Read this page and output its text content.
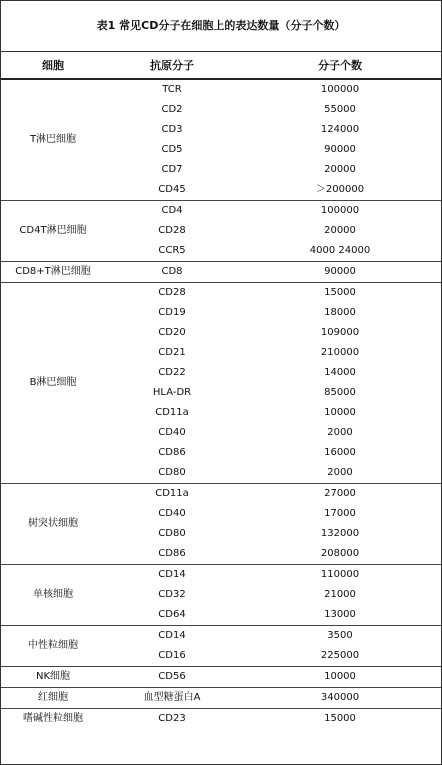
表1 常见CD分子在细胞上的表达数量（分子个数）
细胞	抗原分子	分子个数
T淋巴细胞	TCR	100000
	CD2	55000
	CD3	124000
	CD5	90000
	CD7	20000
	CD45	＞200000
CD4T淋巴细胞	CD4	100000
	CD28	20000
	CCR5	4000 24000
CD8+T淋巴细胞	CD8	90000
B淋巴细胞	CD28	15000
	CD19	18000
	CD20	109000
	CD21	210000
	CD22	14000
	HLA-DR	85000
	CD11a	10000
	CD40	2000
	CD86	16000
	CD80	2000
树突状细胞	CD11a	27000
	CD40	17000
	CD80	132000
	CD86	208000
单核细胞	CD14	110000
	CD32	21000
	CD64	13000
中性粒细胞	CD14	3500
	CD16	225000
NK细胞	CD56	10000
红细胞	血型糖蛋白A	340000
嗜碱性粒细胞	CD23	15000
